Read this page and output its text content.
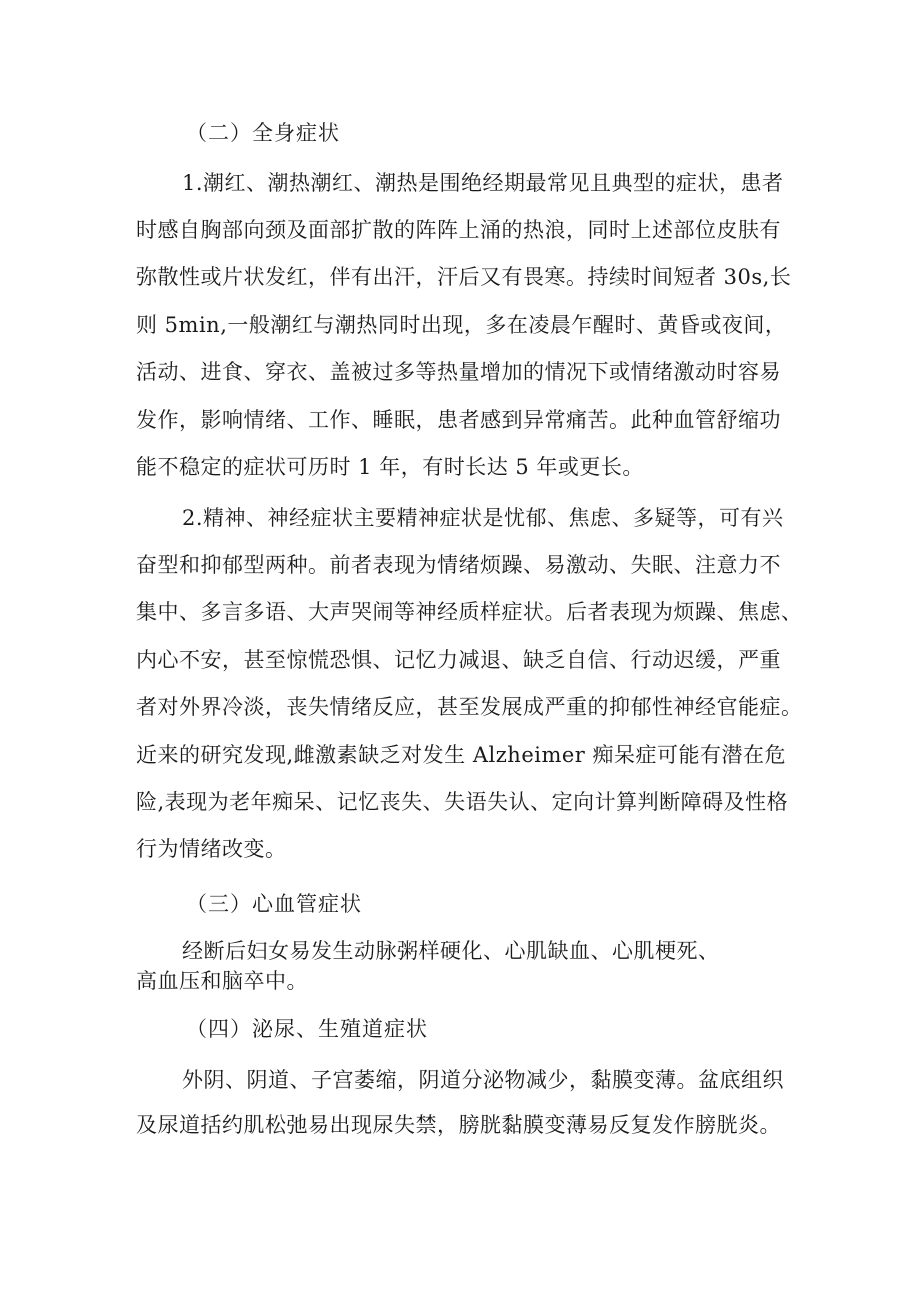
（二）全身症状
1.潮红、潮热潮红、潮热是围绝经期最常见且典型的症状，患者
时感自胸部向颈及面部扩散的阵阵上涌的热浪，同时上述部位皮肤有
弥散性或片状发红，伴有出汗，汗后又有畏寒。持续时间短者 30s,长
则 5min,一般潮红与潮热同时出现，多在凌晨乍醒时、黄昏或夜间，
活动、进食、穿衣、盖被过多等热量增加的情况下或情绪激动时容易
发作，影响情绪、工作、睡眠，患者感到异常痛苦。此种血管舒缩功
能不稳定的症状可历时 1 年，有时长达 5 年或更长。
2.精神、神经症状主要精神症状是忧郁、焦虑、多疑等，可有兴
奋型和抑郁型两种。前者表现为情绪烦躁、易激动、失眠、注意力不
集中、多言多语、大声哭闹等神经质样症状。后者表现为烦躁、焦虑、
内心不安，甚至惊慌恐惧、记忆力减退、缺乏自信、行动迟缓，严重
者对外界冷淡，丧失情绪反应，甚至发展成严重的抑郁性神经官能症。
近来的研究发现,雌激素缺乏对发生 Alzheimer 痴呆症可能有潜在危
险,表现为老年痴呆、记忆丧失、失语失认、定向计算判断障碍及性格
行为情绪改变。
（三）心血管症状
经断后妇女易发生动脉粥样硬化、心肌缺血、心肌梗死、
高血压和脑卒中。
（四）泌尿、生殖道症状
外阴、阴道、子宫萎缩，阴道分泌物减少，黏膜变薄。盆底组织
及尿道括约肌松弛易出现尿失禁，膀胱黏膜变薄易反复发作膀胱炎。
